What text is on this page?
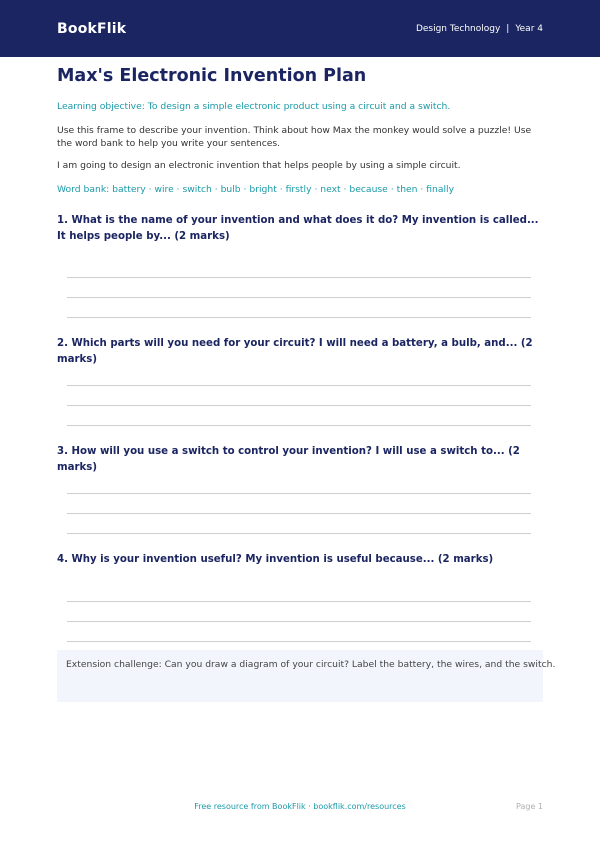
BookFlik	Design Technology | Year 4
Max's Electronic Invention Plan
Learning objective: To design a simple electronic product using a circuit and a switch.
Use this frame to describe your invention. Think about how Max the monkey would solve a puzzle! Use the word bank to help you write your sentences.
I am going to design an electronic invention that helps people by using a simple circuit.
Word bank: battery · wire · switch · bulb · bright · firstly · next · because · then · finally
1. What is the name of your invention and what does it do? My invention is called... It helps people by... (2 marks)
2. Which parts will you need for your circuit? I will need a battery, a bulb, and... (2 marks)
3. How will you use a switch to control your invention? I will use a switch to... (2 marks)
4. Why is your invention useful? My invention is useful because... (2 marks)
Extension challenge: Can you draw a diagram of your circuit? Label the battery, the wires, and the switch.
Free resource from BookFlik · bookflik.com/resources	Page 1
